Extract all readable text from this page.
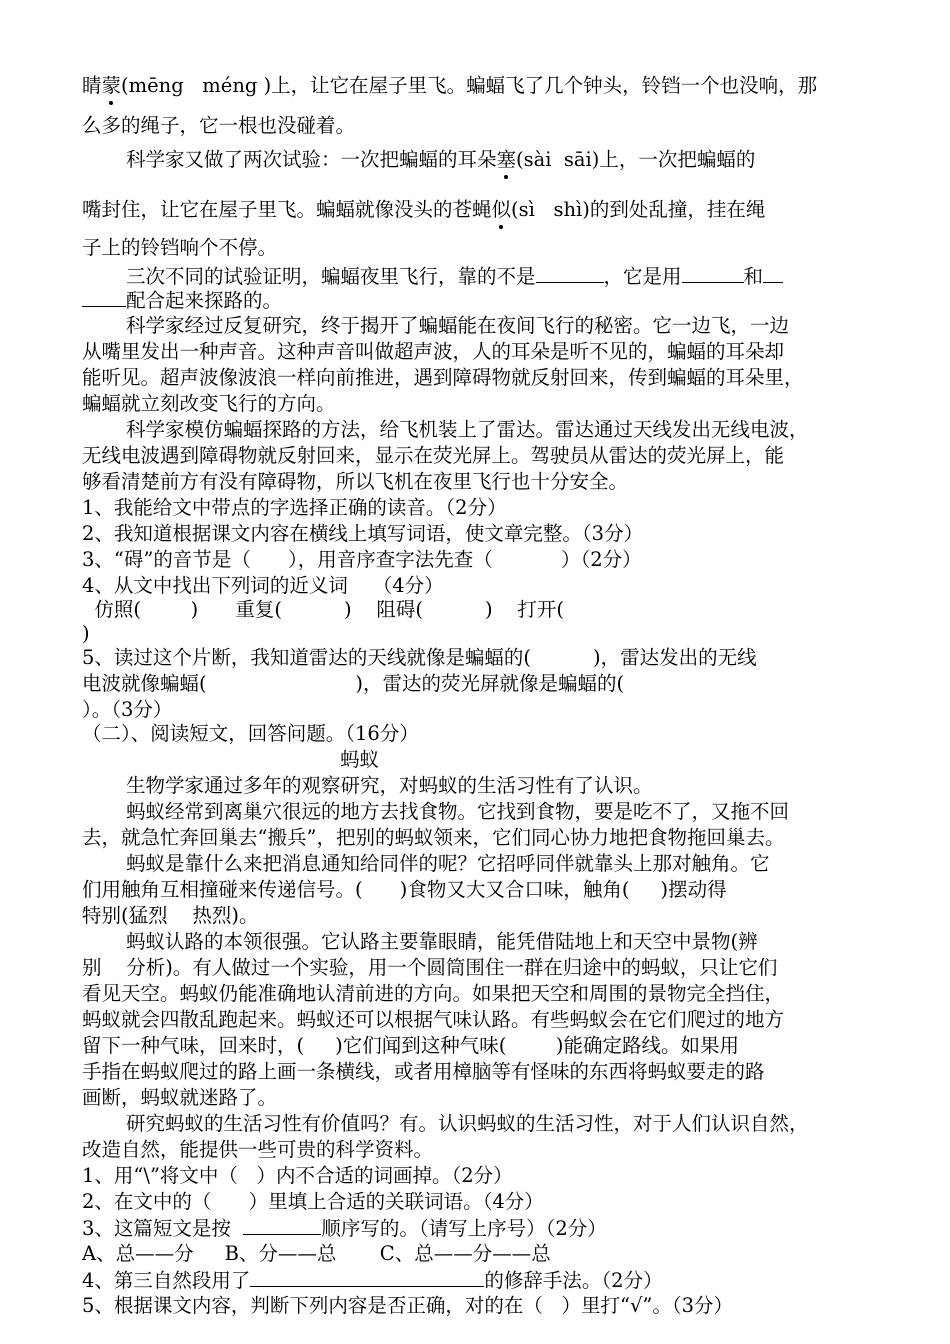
睛蒙(mēng   méng )上，让它在屋子里飞。蝙蝠飞了几个钟头，铃铛一个也没响，那
么多的绳子，它一根也没碰着。
科学家又做了两次试验：一次把蝙蝠的耳朵塞(sài  sāi)上，一次把蝙蝠的
嘴封住，让它在屋子里飞。蝙蝠就像没头的苍蝇似(sì   shì)的到处乱撞，挂在绳
子上的铃铛响个不停。
三次不同的试验证明，蝙蝠夜里飞行，靠的不是	，它是用	和
配合起来探路的。
科学家经过反复研究，终于揭开了蝙蝠能在夜间飞行的秘密。它一边飞，一边
从嘴里发出一种声音。这种声音叫做超声波，人的耳朵是听不见的，蝙蝠的耳朵却
能听见。超声波像波浪一样向前推进，遇到障碍物就反射回来，传到蝙蝠的耳朵里，
蝙蝠就立刻改变飞行的方向。
科学家模仿蝙蝠探路的方法，给飞机装上了雷达。雷达通过天线发出无线电波，
无线电波遇到障碍物就反射回来，显示在荧光屏上。驾驶员从雷达的荧光屏上，能
够看清楚前方有没有障碍物，所以飞机在夜里飞行也十分安全。
1、我能给文中带点的字选择正确的读音。（2分）
2、我知道根据课文内容在横线上填写词语，使文章完整。（3分）
3、“碍”的音节是（      ），用音序查字法先查（           ）（2分）
4、从文中找出下列词的近义词    （4分）
仿照(        )      重复(          )    阻碍(          )    打开(
)
5、读过这个片断，我知道雷达的天线就像是蝙蝠的(          )，雷达发出的无线
电波就像蝙蝠(                        )，雷达的荧光屏就像是蝙蝠的(
）。（3分）
（二）、阅读短文，回答问题。（16分）
蚂蚁
生物学家通过多年的观察研究，对蚂蚁的生活习性有了认识。
蚂蚁经常到离巢穴很远的地方去找食物。它找到食物，要是吃不了，又拖不回
去，就急忙奔回巢去“搬兵”，把别的蚂蚁领来，它们同心协力地把食物拖回巢去。
蚂蚁是靠什么来把消息通知给同伴的呢？它招呼同伴就靠头上那对触角。它
们用触角互相撞碰来传递信号。(      )食物又大又合口味，触角(     )摆动得
特别(猛烈    热烈)。
蚂蚁认路的本领很强。它认路主要靠眼睛，能凭借陆地上和天空中景物(辨
别    分析)。有人做过一个实验，用一个圆筒围住一群在归途中的蚂蚁，只让它们
看见天空。蚂蚁仍能准确地认清前进的方向。如果把天空和周围的景物完全挡住，
蚂蚁就会四散乱跑起来。蚂蚁还可以根据气味认路。有些蚂蚁会在它们爬过的地方
留下一种气味，回来时，(     )它们闻到这种气味(        )能确定路线。如果用
手指在蚂蚁爬过的路上画一条横线，或者用樟脑等有怪味的东西将蚂蚁要走的路
画断，蚂蚁就迷路了。
研究蚂蚁的生活习性有价值吗？有。认识蚂蚁的生活习性，对于人们认识自然，
改造自然，能提供一些可贵的科学资料。
1、用“\”将文中（   ）内不合适的词画掉。（2分）
2、在文中的（      ）里填上合适的关联词语。（4分）
3、这篇短文是按	顺序写的。（请写上序号）（2分）
A、总——分     B、分——总       C、总——分——总
4、第三自然段用了	的修辞手法。（2分）
5、根据课文内容，判断下列内容是否正确，对的在（   ）里打“√”。（3分）
